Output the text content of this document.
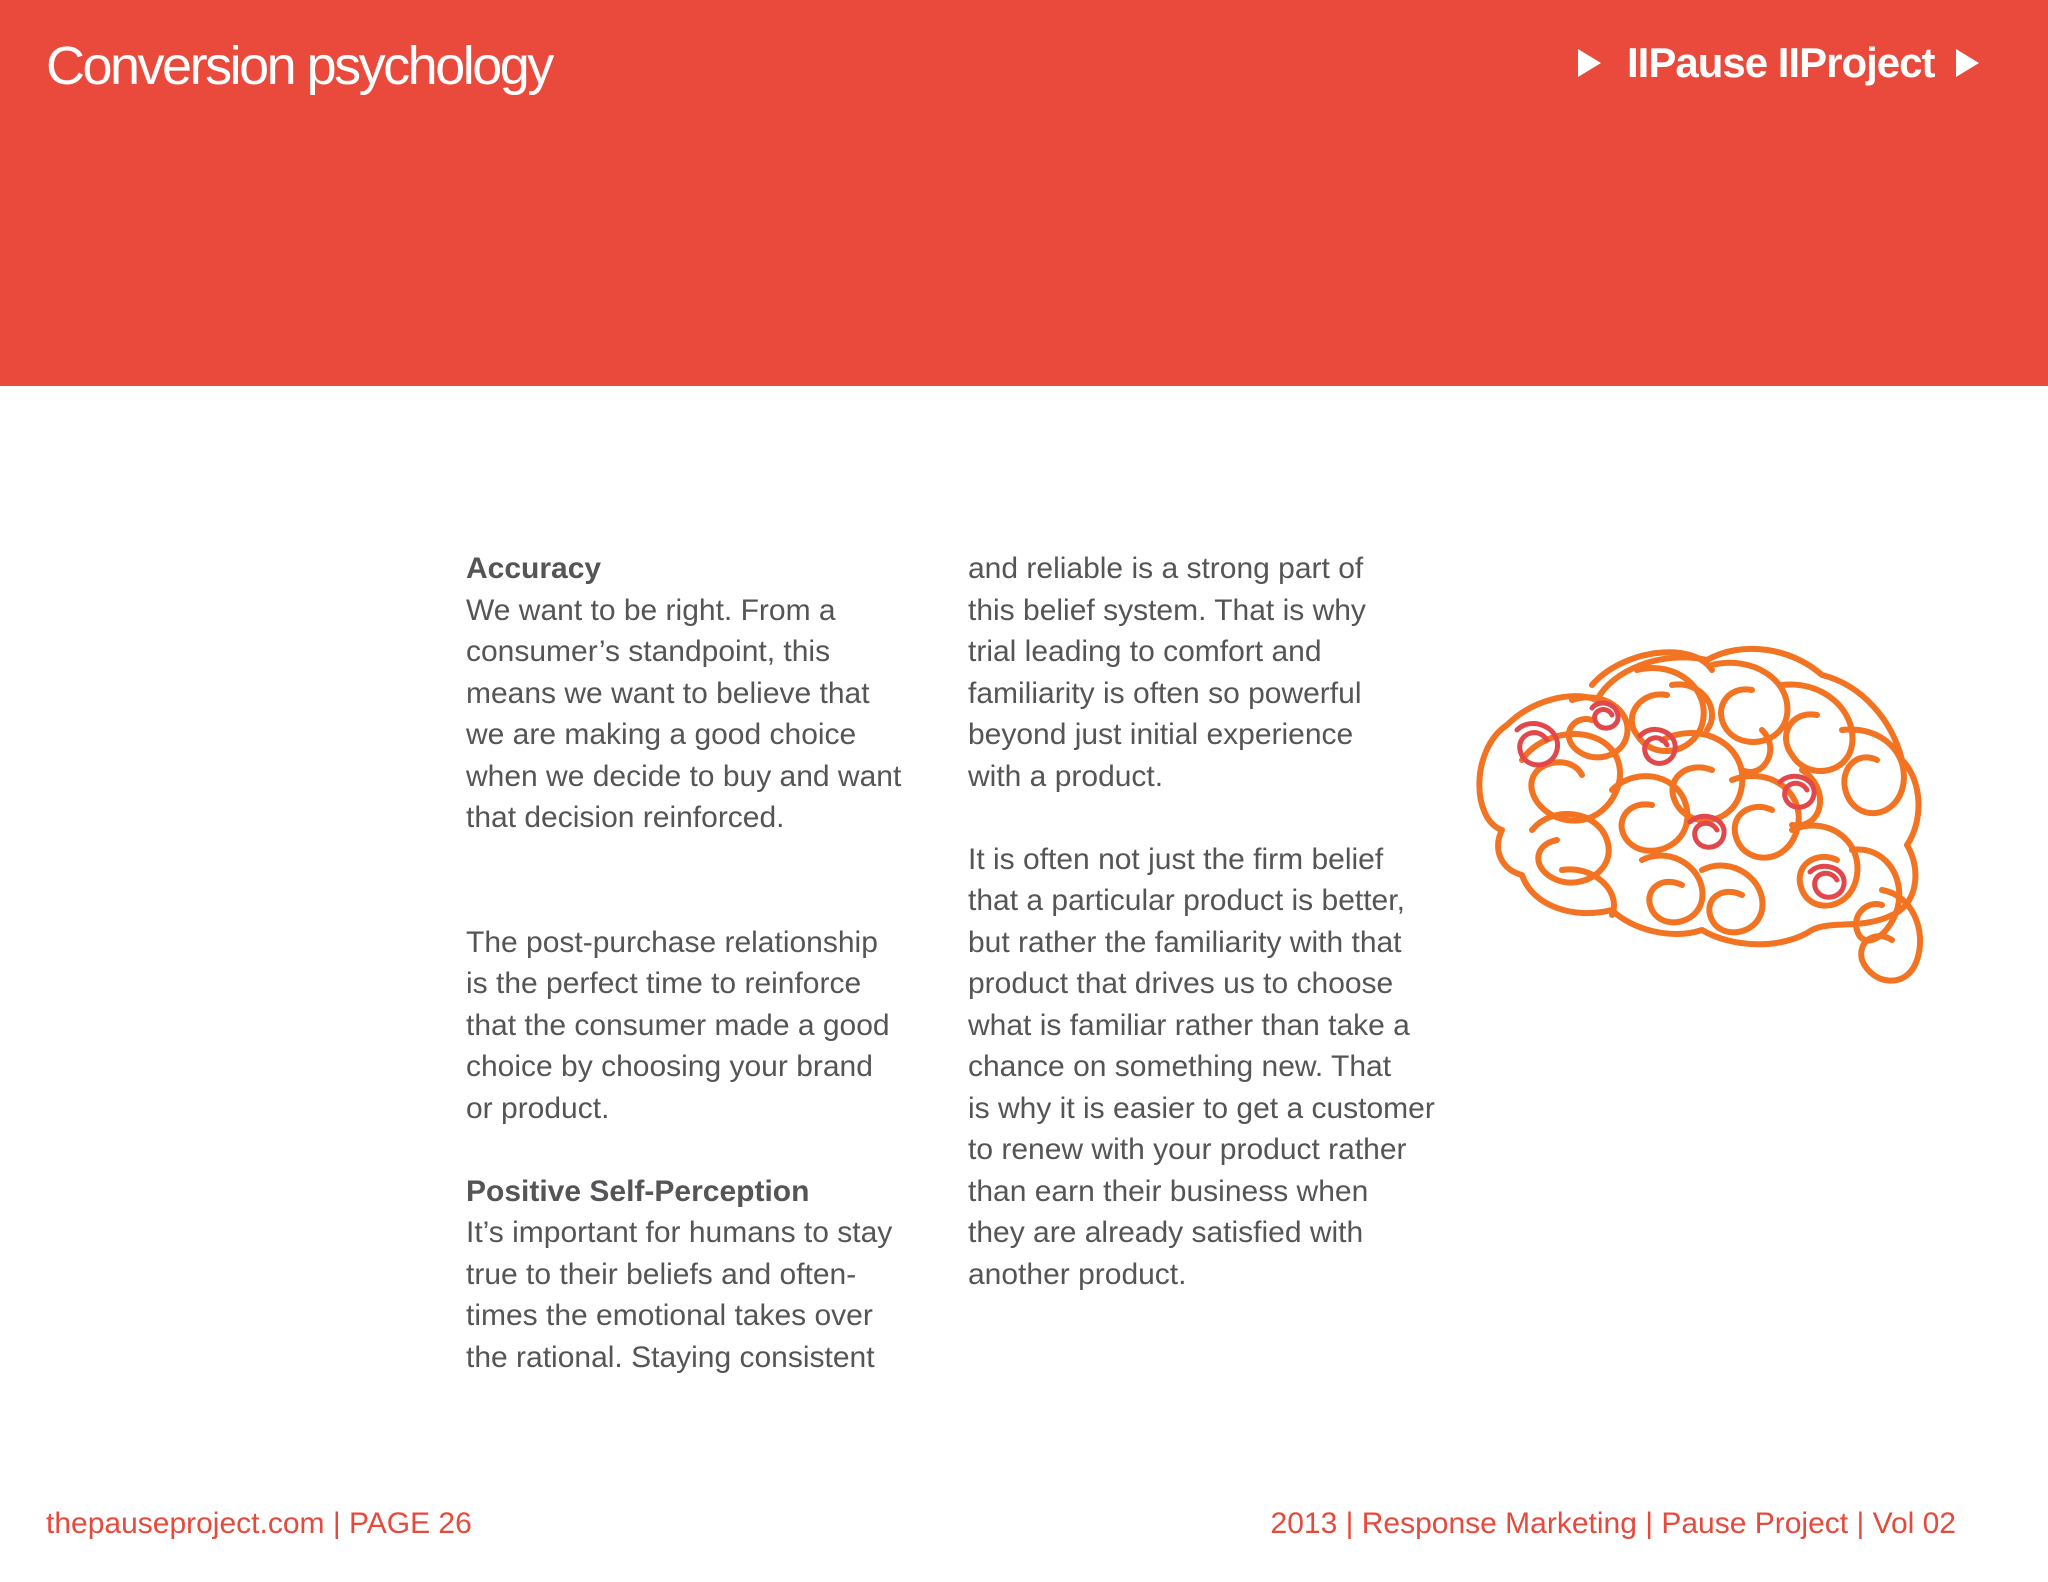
Conversion psychology	IIPause IIProject

Accuracy

We want to be right. From a

consumer’s standpoint, this

means we want to believe that

we are making a good choice

when we decide to buy and want

that decision reinforced.

The post-purchase relationship

is the perfect time to reinforce

that the consumer made a good

choice by choosing your brand

or product.

Positive Self-Perception

It’s important for humans to stay

true to their beliefs and often-

times the emotional takes over

the rational. Staying consistent

and reliable is a strong part of

this belief system. That is why

trial leading to comfort and

familiarity is often so powerful

beyond just initial experience

with a product.

It is often not just the firm belief

that a particular product is better,

but rather the familiarity with that

product that drives us to choose

what is familiar rather than take a

chance on something new. That

is why it is easier to get a customer

to renew with your product rather

than earn their business when

they are already satisfied with

another product.

thepauseproject.com | PAGE 26	2013 | Response Marketing | Pause Project | Vol 02
